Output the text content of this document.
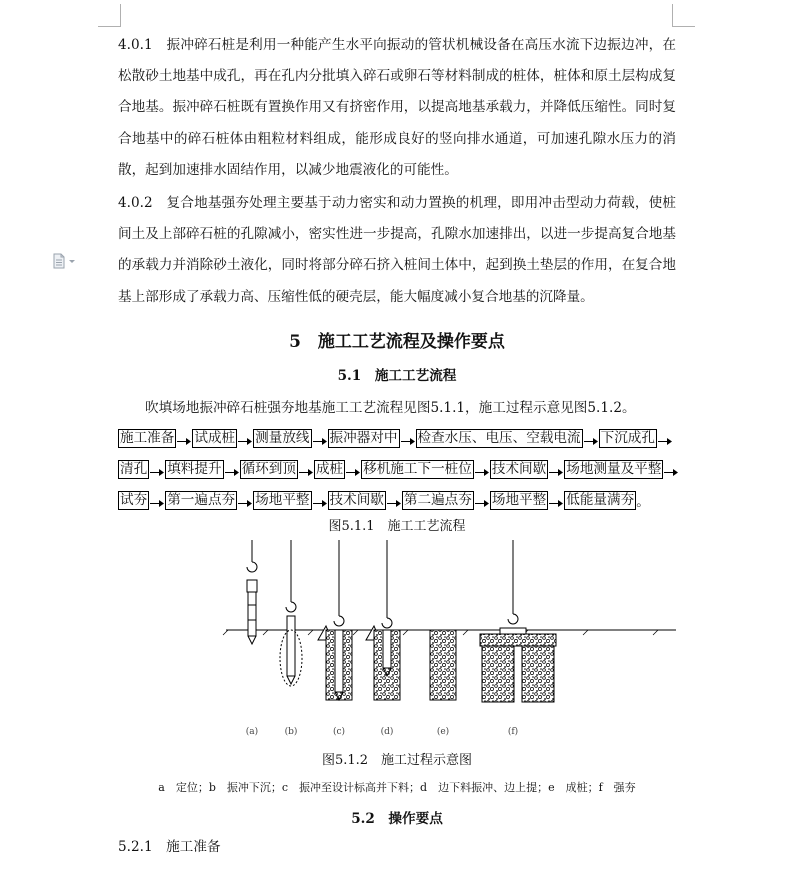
4.0.1　振冲碎石桩是利用一种能产生水平向振动的管状机械设备在高压水流下边振边冲，在松散砂土地基中成孔，再在孔内分批填入碎石或卵石等材料制成的桩体，桩体和原土层构成复合地基。振冲碎石桩既有置换作用又有挤密作用，以提高地基承载力，并降低压缩性。同时复合地基中的碎石桩体由粗粒材料组成，能形成良好的竖向排水通道，可加速孔隙水压力的消散，起到加速排水固结作用，以减少地震液化的可能性。

4.0.2　复合地基强夯处理主要基于动力密实和动力置换的机理，即用冲击型动力荷载，使桩间土及上部碎石桩的孔隙减小，密实性进一步提高，孔隙水加速排出，以进一步提高复合地基的承载力并消除砂土液化，同时将部分碎石挤入桩间土体中，起到换土垫层的作用，在复合地基上部形成了承载力高、压缩性低的硬壳层，能大幅度减小复合地基的沉降量。

5　施工工艺流程及操作要点
5.1　施工工艺流程

吹填场地振冲碎石桩强夯地基施工工艺流程见图5.1.1，施工过程示意见图5.1.2。

施工准备 试成桩 测量放线 振冲器对中 检查水压、电压、空载电流 下沉成孔
清孔 填料提升 循环到顶 成桩 移机施工下一桩位 技术间歇 场地测量及平整
试夯 第一遍点夯 场地平整 技术间歇 第二遍点夯 场地平整 低能量满夯 。
图5.1.1　施工工艺流程
(a)	(b)	(c)	(d)	(e)	(f)
图5.1.2　施工过程示意图
a　定位；b　振冲下沉；c　振冲至设计标高并下料；d　边下料振冲、边上提；e　成桩；f　强夯
5.2　操作要点
5.2.1　施工准备
